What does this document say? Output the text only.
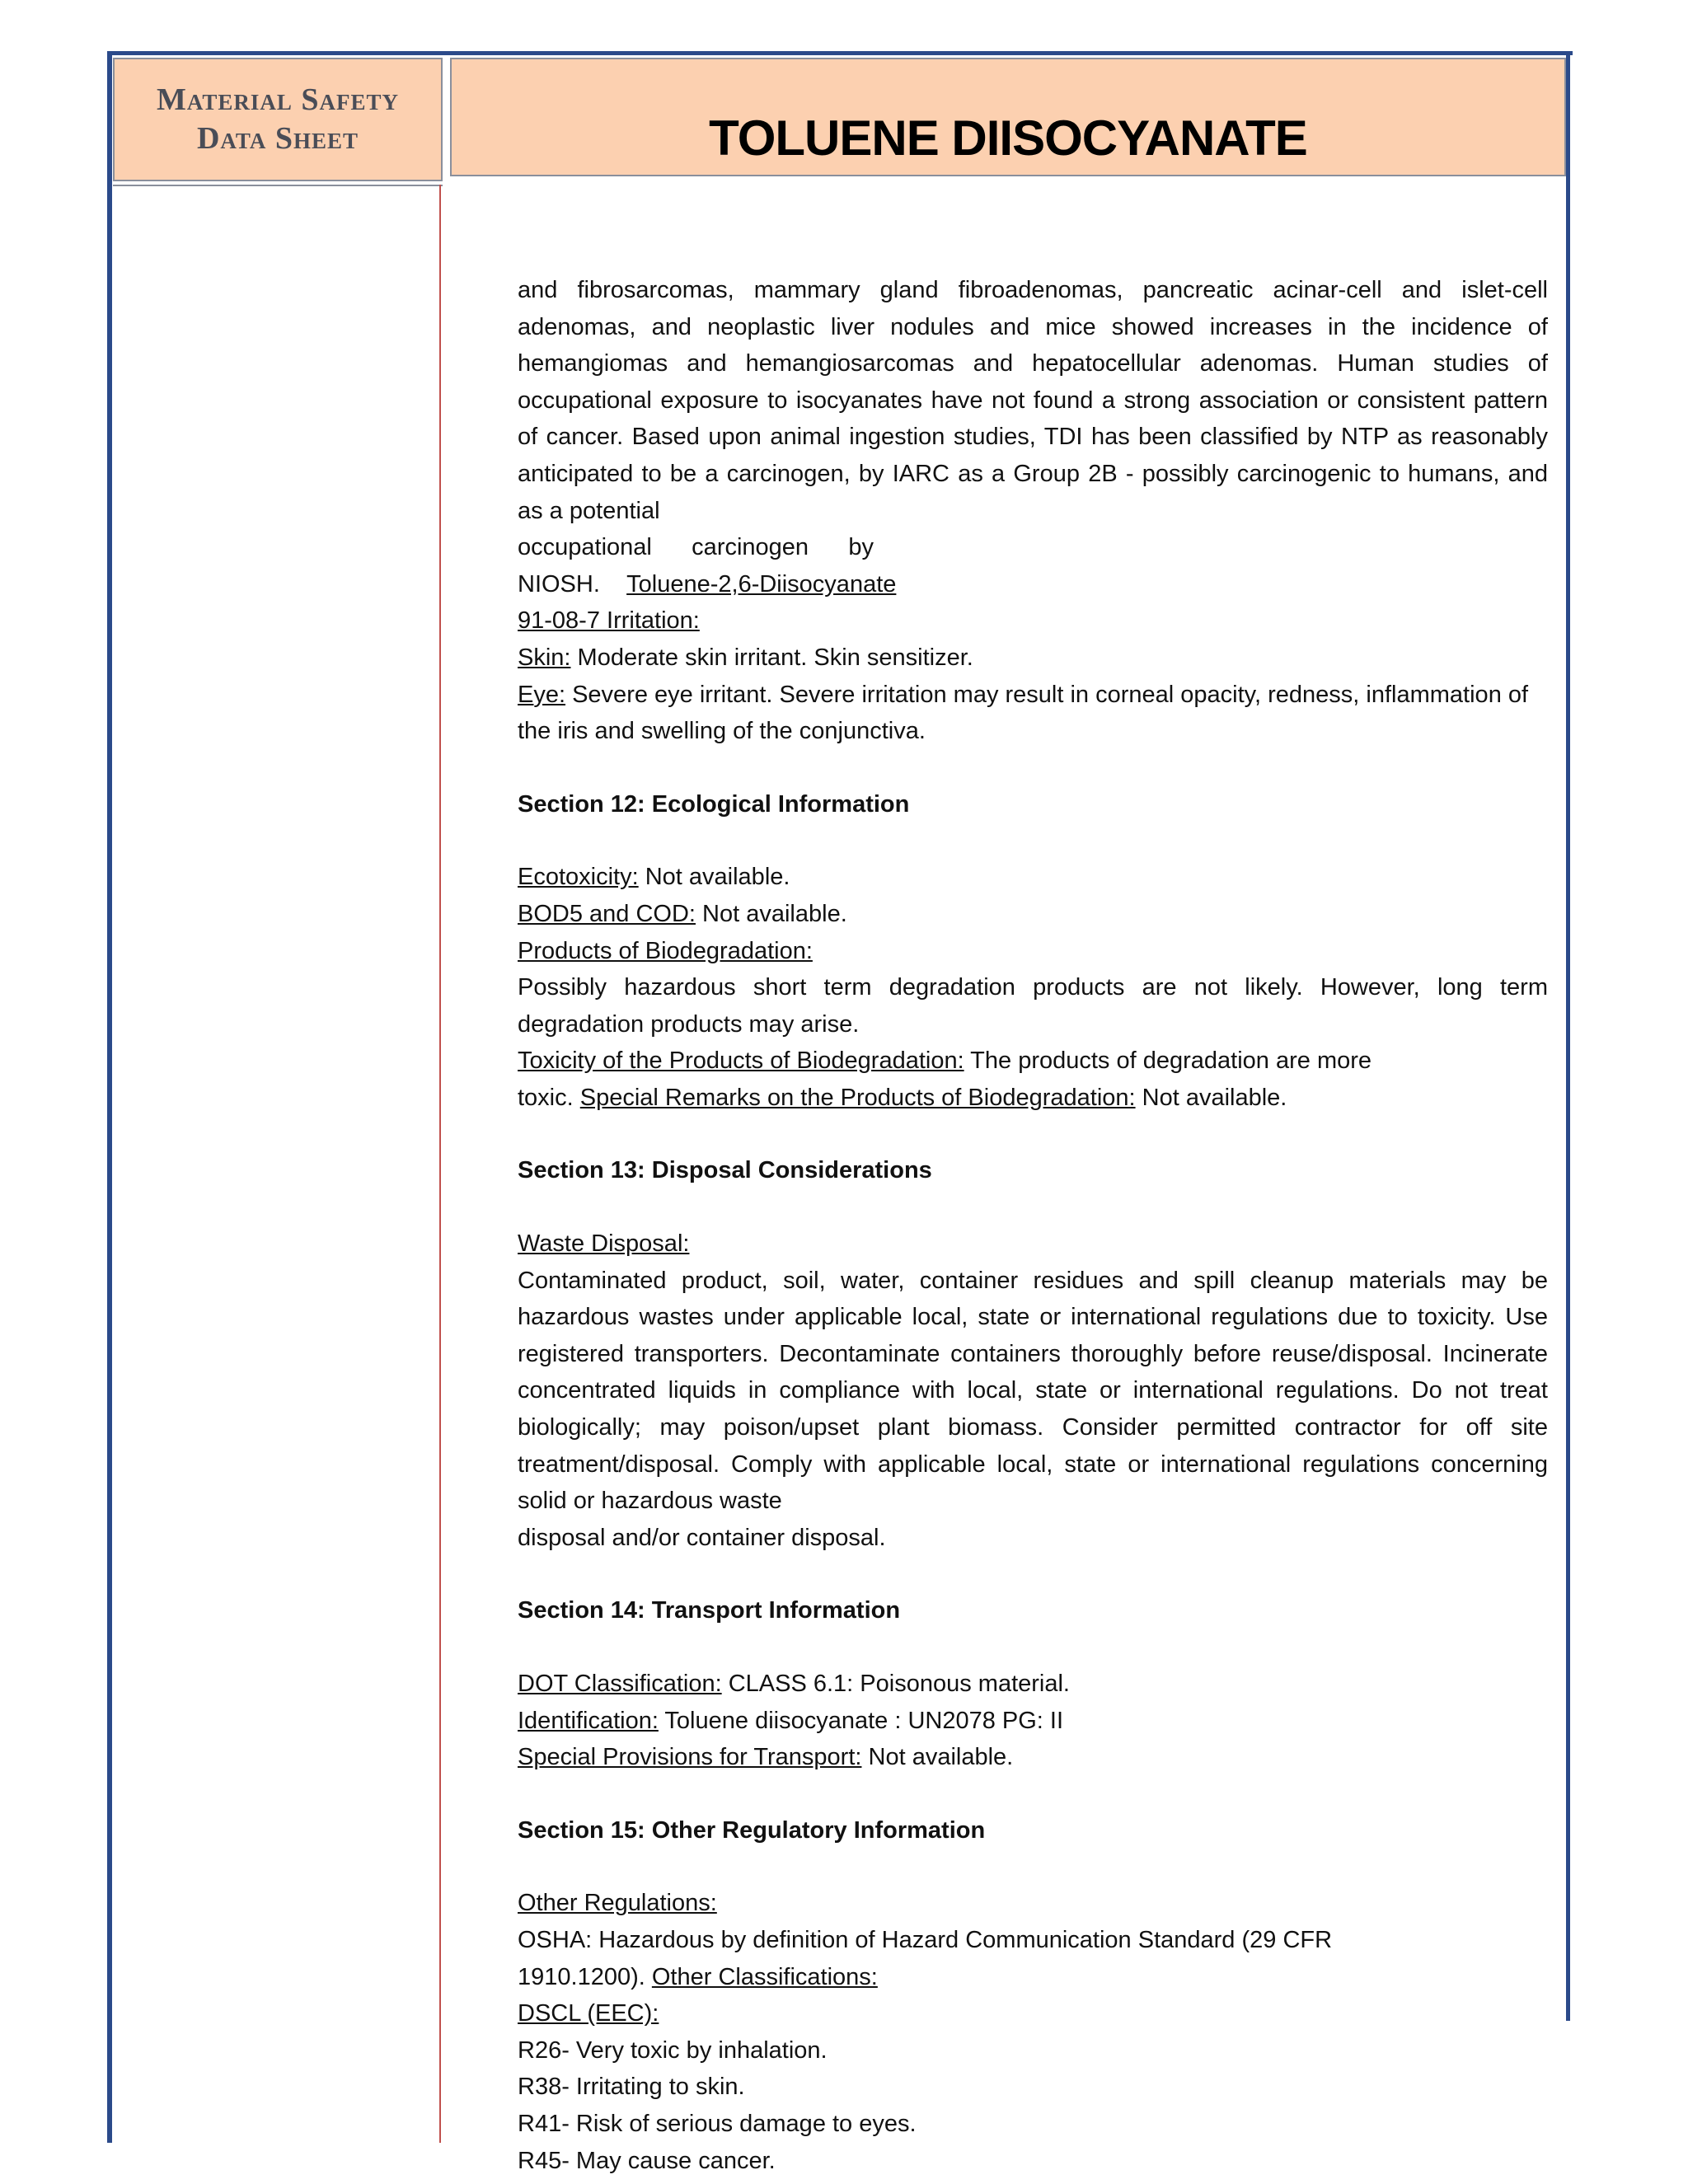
Material Safety
Data Sheet	TOLUENE DIISOCYANATE

and fibrosarcomas, mammary gland fibroadenomas, pancreatic acinar-cell and islet-cell adenomas, and neoplastic liver nodules and mice showed increases in the incidence of hemangiomas and hemangiosarcomas and hepatocellular adenomas. Human studies of occupational exposure to isocyanates have not found a strong association or consistent pattern of cancer. Based upon animal ingestion studies, TDI has been classified by NTP as reasonably anticipated to be a carcinogen, by IARC as a Group 2B - possibly carcinogenic to humans, and as a potential

occupational      carcinogen      by

NIOSH. Toluene-2,6-Diisocyanate

91-08-7 Irritation:

Skin: Moderate skin irritant. Skin sensitizer.

Eye: Severe eye irritant. Severe irritation may result in corneal opacity, redness, inflammation of the iris and swelling of the conjunctiva.

Section 12: Ecological Information

Ecotoxicity: Not available.

BOD5 and COD: Not available.

Products of Biodegradation:

Possibly hazardous short term degradation products are not likely. However, long term degradation products may arise.

Toxicity of the Products of Biodegradation: The products of degradation are more

toxic. Special Remarks on the Products of Biodegradation: Not available.

Section 13: Disposal Considerations

Waste Disposal:

Contaminated product, soil, water, container residues and spill cleanup materials may be hazardous wastes under applicable local, state or international regulations due to toxicity. Use registered transporters. Decontaminate containers thoroughly before reuse/disposal. Incinerate concentrated liquids in compliance with local, state or international regulations. Do not treat biologically; may poison/upset plant biomass. Consider permitted contractor for off site treatment/disposal. Comply with applicable local, state or international regulations concerning solid or hazardous waste

disposal and/or container disposal.

Section 14: Transport Information

DOT Classification: CLASS 6.1: Poisonous material.

Identification: Toluene diisocyanate : UN2078 PG: II

Special Provisions for Transport: Not available.

Section 15: Other Regulatory Information

Other Regulations:

OSHA: Hazardous by definition of Hazard Communication Standard (29 CFR

1910.1200). Other Classifications:

DSCL (EEC):

R26- Very toxic by inhalation.

R38- Irritating to skin.

R41- Risk of serious damage to eyes.

R45- May cause cancer.
